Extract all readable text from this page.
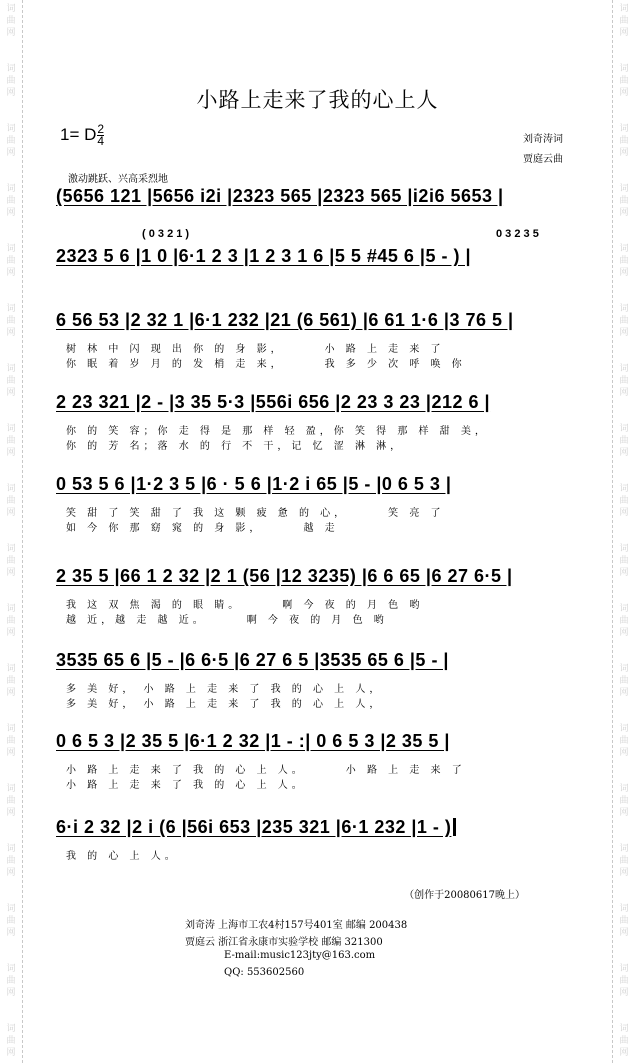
词
曲
网
词
曲
网
词
曲
网
词
曲
网
词
曲
网
词
曲
网
词
曲
网
词
曲
网
词
曲
网
词
曲
网
词
曲
网
词
曲
网
词
曲
网
词
曲
网
词
曲
网
词
曲
网
词
曲
网
词
曲
网
词
曲
网
词
曲
网
词
曲
网
词
曲
网
词
曲
网
词
曲
网
词
曲
网
词
曲
网
词
曲
网
词
曲
网
词
曲
网
词
曲
网
词
曲
网
词
曲
网
词
曲
网
词
曲
网
词
曲
网
词
曲
网
小路上走来了我的心上人
1= D $\frac{2}{4}$	刘奇涛词
贾庭云曲
激动跳跃、兴高采烈地
( 0 3 2 1 )	0 3 2 3 5
(5656 121 |5656 i2i |2323 565 |2323 565 |i2i6 5653 |
2323 5 6 |1 0 |6·1 2 3 |1 2 3 1 6 |5 5 #45 6 |5 - ) |
6 56 53 |2 32 1 |6·1 232 |21 (6 561) |6 61 1·6 |3 76 5 |
树 林 中 闪 现 出 你 的 身 影，	小 路 上 走 来 了
你 眠 着 岁 月 的 发 梢 走 来，	我 多 少 次 呼 唤 你
2 23 321 |2 - |3 35 5·3 |556i 656 |2 23 3 23 |212 6 |
你 的 笑 容；你 走 得 是 那 样 轻 盈，你 笑 得 那 样 甜 美，
你 的 芳 名；落 水 的 行 不 干，记 忆 涩 淋 淋，
0 53 5 6 |1·2 3 5 |6 · 5 6 |1·2 i 65 |5 - |0 6 5 3 |
笑 甜 了 笑 甜 了 我 这 颗 疲 惫 的 心，	笑 亮 了
如 今 你 那 窈 窕 的 身 影，	越 走
2 35 5 |66 1 2 32 |2 1 (56 |12 3235) |6 6 65 |6 27 6·5 |
我 这 双 焦 渴 的 眼 睛。	啊 今 夜 的 月 色 哟
越 近，越 走 越 近。	啊 今 夜 的 月 色 哟
3535 65 6 |5 - |6 6·5 |6 27 6 5 |3535 65 6 |5 - |
多 美 好， 小 路 上 走 来 了 我 的 心 上 人，
多 美 好， 小 路 上 走 来 了 我 的 心 上 人，
0 6 5 3 |2 35 5 |6·1 2 32 |1 - :| 0 6 5 3 |2 35 5 |
小 路 上 走 来 了 我 的 心 上 人。	小 路 上 走 来 了
小 路 上 走 来 了 我 的 心 上 人。
6·i 2 32 |2 i (6 |56i 653 |235 321 |6·1 232 |1 - )
我 的 心 上 人。
（创作于20080617晚上）
刘奇涛 上海市工农4村157号401室 邮编 200438
贾庭云 浙江省永康市实验学校 邮编 321300
E-mail:music123jty@163.com
QQ: 553602560
